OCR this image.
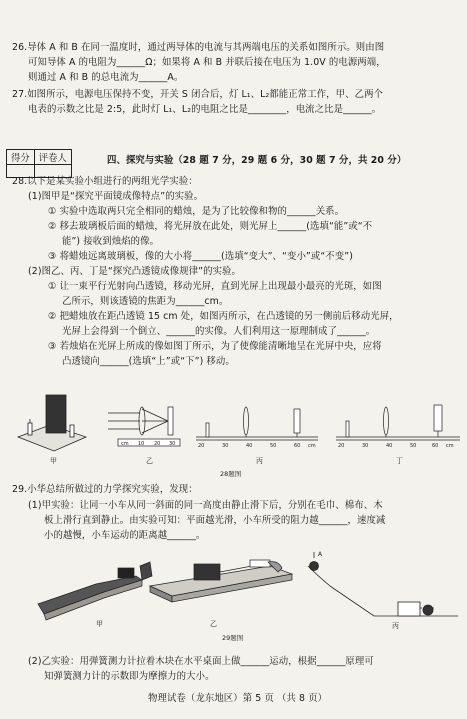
26.导体 A 和 B 在同一温度时，通过两导体的电流与其两端电压的关系如图所示。则由图
可知导体 A 的电阻为______Ω；如果将 A 和 B 并联后接在电压为 1.0V 的电源两端，
则通过 A 和 B 的总电流为______A。
27.如图所示，电源电压保持不变，开关 S 闭合后，灯 L₁、L₂都能正常工作，甲、乙两个
电表的示数之比是 2:5，此时灯 L₁、L₂的电阻之比是________，电流之比是______。
得分	评卷人
		四、探究与实验（28 题 7 分，29 题 6 分，30 题 7 分，共 20 分）
28.以下是某实验小组进行的两组光学实验：
(1)图甲是“探究平面镜成像特点”的实验。
① 实验中选取两只完全相同的蜡烛，是为了比较像和物的______关系。
② 移去玻璃板后面的蜡烛，将光屏放在此处，则光屏上______(选填“能”或“不
能”) 接收到烛焰的像。
③ 将蜡烛远离玻璃板，像的大小将______(选填“变大”、“变小”或“不变”)
(2)图乙、丙、丁是“探究凸透镜成像规律”的实验。
① 让一束平行光射向凸透镜，移动光屏，直到光屏上出现最小最亮的光斑，如图
乙所示，则该透镜的焦距为______cm。
② 把蜡烛放在距凸透镜 15 cm 处，如图丙所示，在凸透镜的另一侧前后移动光屏，
光屏上会得到一个倒立、______的实像。人们利用这一原理制成了______。
③ 若烛焰在光屏上所成的像如图丁所示，为了使像能清晰地呈在光屏中央，应将
凸透镜向______(选填“上”或“下”) 移动。
cm 10 20 30	20	30	40	50	60 cm	20	30	40	50	60 cm
甲	乙	丙	丁
28题图
29.小华总结所做过的力学探究实验，发现：
(1)甲实验：让同一小车从同一斜面的同一高度由静止滑下后，分别在毛巾、棉布、木
板上滑行直到静止。由实验可知：平面越光滑，小车所受的阻力越______，速度减
小的越慢，小车运动的距离越______。
A
甲	乙	丙
29题图
(2)乙实验：用弹簧测力计拉着木块在水平桌面上做______运动，根据______原理可
知弹簧测力计的示数即为摩擦力的大小。
物理试卷（龙东地区）第 5 页 （共 8 页）
